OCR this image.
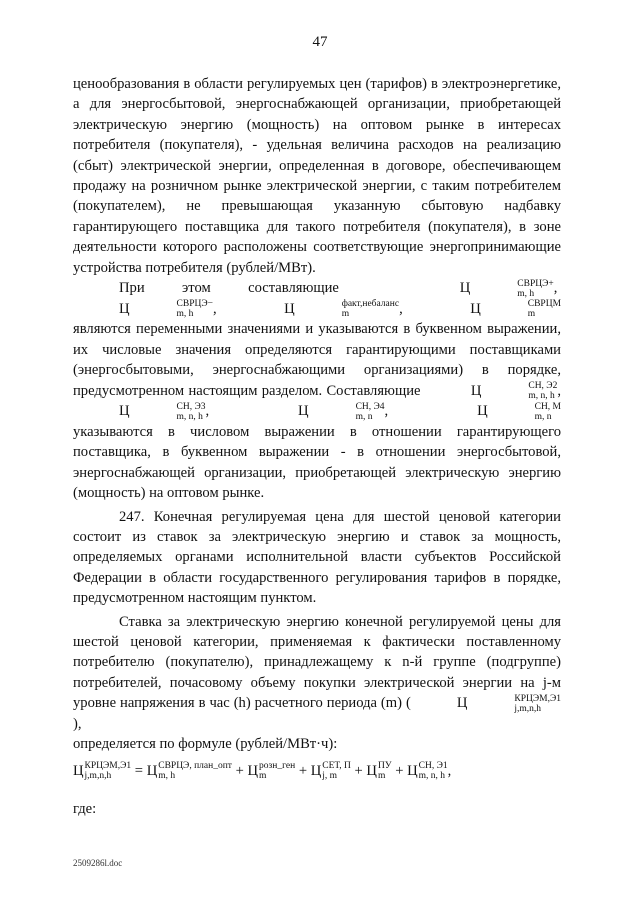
47

ценообразования в области регулируемых цен (тарифов) в электроэнергетике, а для энергосбытовой, энергоснабжающей организации, приобретающей электрическую энергию (мощность) на оптовом рынке в интересах потребителя (покупателя), - удельная величина расходов на реализацию (сбыт) электрической энергии, определенная в договоре, обеспечивающем продажу на розничном рынке электрической энергии, с таким потребителем (покупателем), не превышающая указанную сбытовую надбавку гарантирующего поставщика для такого потребителя (покупателя), в зоне деятельности которого расположены соответствующие энергопринимающие устройства потребителя (рублей/МВт).

При этом составляющие	Ц	СВРЦЭ+
m, h	,  Ц	СВРЦЭ−
m, h	,	Ц	факт,небаланс
m	,	Ц	СВРЦМ
m
являются переменными значениями и указываются в буквенном выражении, их числовые значения определяются гарантирующими поставщиками (энергосбытовыми, энергоснабжающими организациями) в порядке, предусмотренном настоящим разделом. Составляющие	Ц	СН, Э2
m, n, h , Ц	СН, Э3
m, n, h ,	Ц	СН, Э4
m, n ,	Ц	СН, М
m, n
указываются в числовом выражении в отношении гарантирующего поставщика, в буквенном выражении - в отношении энергосбытовой, энергоснабжающей организации, приобретающей электрическую энергию (мощность) на оптовом рынке.

247. Конечная регулируемая цена для шестой ценовой категории состоит из ставок за электрическую энергию и ставок за мощность, определяемых органами исполнительной власти субъектов Российской Федерации в области государственного регулирования тарифов в порядке, предусмотренном настоящим пунктом.

Ставка за электрическую энергию конечной регулируемой цены для шестой ценовой категории, применяемая к фактически поставленному потребителю (покупателю), принадлежащему к n-й группе (подгруппе) потребителей, почасовому объему покупки электрической энергии на j-м уровне напряжения в час (h) расчетного периода (m) (	Ц	КРЦЭМ,Э1
j,m,n,h
),

определяется по формуле (рублей/МВт·ч):

Ц КРЦЭМ,Э1
j,m,n,h	= Ц СВРЦЭ, план_опт
m, h	+ Ц розн_ген
m	+ Ц СЕТ, П
j, m + Ц ПУ
m + Ц СН, Э1
m, n, h ,

где:

2509286l.doc
